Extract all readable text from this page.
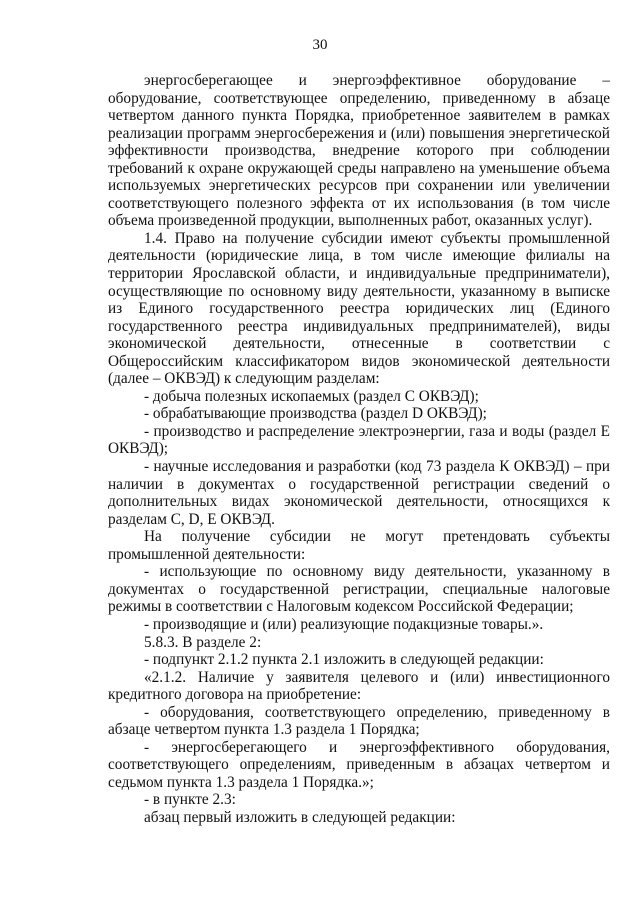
30

энергосберегающее и энергоэффективное оборудование – оборудование, соответствующее определению, приведенному в абзаце четвертом данного пункта Порядка, приобретенное заявителем в рамках реализации программ энергосбережения и (или) повышения энергетической эффективности производства, внедрение которого при соблюдении требований к охране окружающей среды направлено на уменьшение объема используемых энергетических ресурсов при сохранении или увеличении соответствующего полезного эффекта от их использования (в том числе объема произведенной продукции, выполненных работ, оказанных услуг).

1.4. Право на получение субсидии имеют субъекты промышленной деятельности (юридические лица, в том числе имеющие филиалы на территории Ярославской области, и индивидуальные предприниматели), осуществляющие по основному виду деятельности, указанному в выписке из Единого государственного реестра юридических лиц (Единого государственного реестра индивидуальных предпринимателей), виды экономической деятельности, отнесенные в соответствии с Общероссийским классификатором видов экономической деятельности (далее – ОКВЭД) к следующим разделам:

- добыча полезных ископаемых (раздел С ОКВЭД);

- обрабатывающие производства (раздел D ОКВЭД);

- производство и распределение электроэнергии, газа и воды (раздел Е ОКВЭД);

- научные исследования и разработки (код 73 раздела К ОКВЭД) – при наличии в документах о государственной регистрации сведений о дополнительных видах экономической деятельности, относящихся к разделам С, D, Е ОКВЭД.

На получение субсидии не могут претендовать субъекты промышленной деятельности:

- использующие по основному виду деятельности, указанному в документах о государственной регистрации, специальные налоговые режимы в соответствии с Налоговым кодексом Российской Федерации;

- производящие и (или) реализующие подакцизные товары.».

5.8.3. В разделе 2:

- подпункт 2.1.2 пункта 2.1 изложить в следующей редакции:

«2.1.2. Наличие у заявителя целевого и (или) инвестиционного кредитного договора на приобретение:

- оборудования, соответствующего определению, приведенному в абзаце четвертом пункта 1.3 раздела 1 Порядка;

- энергосберегающего и энергоэффективного оборудования, соответствующего определениям, приведенным в абзацах четвертом и седьмом пункта 1.3 раздела 1 Порядка.»;

- в пункте 2.3:

абзац первый изложить в следующей редакции:
